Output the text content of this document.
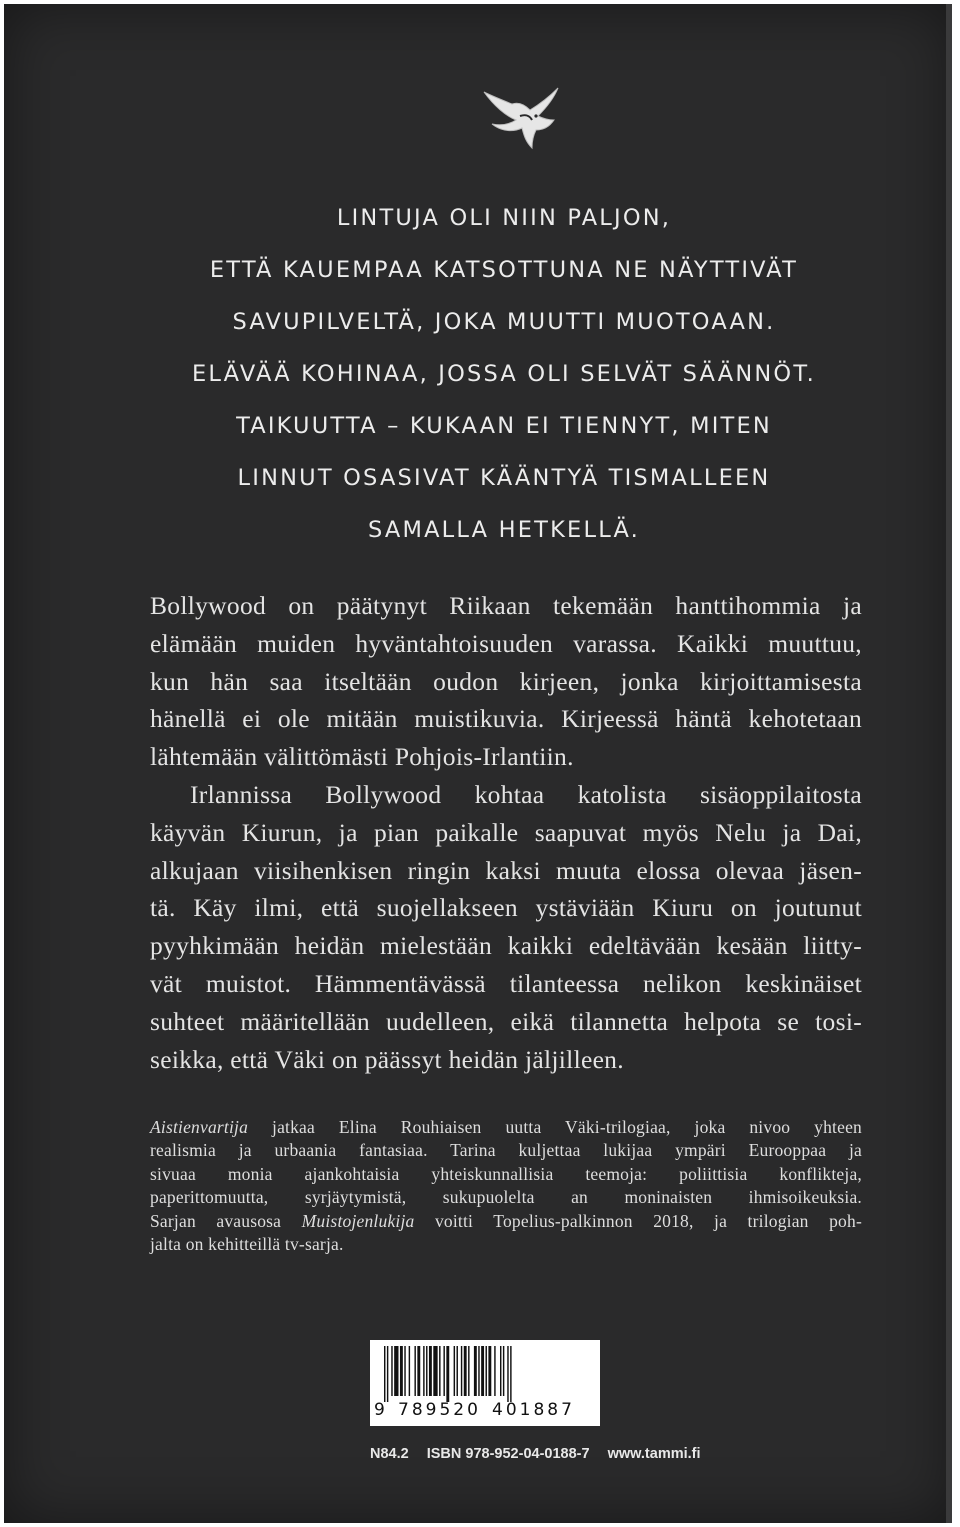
LINTUJA OLI NIIN PALJON,
ETTÄ KAUEMPAA KATSOTTUNA NE NÄYTTIVÄT
SAVUPILVELTÄ, JOKA MUUTTI MUOTOAAN.
ELÄVÄÄ KOHINAA, JOSSA OLI SELVÄT SÄÄNNÖT.
TAIKUUTTA – KUKAAN EI TIENNYT, MITEN
LINNUT OSASIVAT KÄÄNTYÄ TISMALLEEN
SAMALLA HETKELLÄ.
Bollywood on päätynyt Riikaan tekemään hanttihommia ja
elämään muiden hyväntahtoisuuden varassa. Kaikki muuttuu,
kun hän saa itseltään oudon kirjeen, jonka kirjoittamisesta
hänellä ei ole mitään muistikuvia. Kirjeessä häntä kehotetaan
lähtemään välittömästi Pohjois-Irlantiin.
Irlannissa Bollywood kohtaa katolista sisäoppilaitosta
käyvän Kiurun, ja pian paikalle saapuvat myös Nelu ja Dai,
alkujaan viisihenkisen ringin kaksi muuta elossa olevaa jäsen-
tä. Käy ilmi, että suojellakseen ystäviään Kiuru on joutunut
pyyhkimään heidän mielestään kaikki edeltävään kesään liitty-
vät muistot. Hämmentävässä tilanteessa nelikon keskinäiset
suhteet määritellään uudelleen, eikä tilannetta helpota se tosi-
seikka, että Väki on päässyt heidän jäljilleen.
Aistienvartija jatkaa Elina Rouhiaisen uutta Väki-trilogiaa, joka nivoo yhteen
realismia ja urbaania fantasiaa. Tarina kuljettaa lukijaa ympäri Eurooppaa ja
sivuaa monia ajankohtaisia yhteiskunnallisia teemoja: poliittisia konflikteja,
paperittomuutta, syrjäytymistä, sukupuolelta an moninaisten ihmisoikeuksia.
Sarjan avausosa Muistojenlukija voitti Topelius-palkinnon 2018, ja trilogian poh-
jalta on kehitteillä tv-sarja.
9 789520 401887
N84.2 ISBN 978-952-04-0188-7 www.tammi.fi
